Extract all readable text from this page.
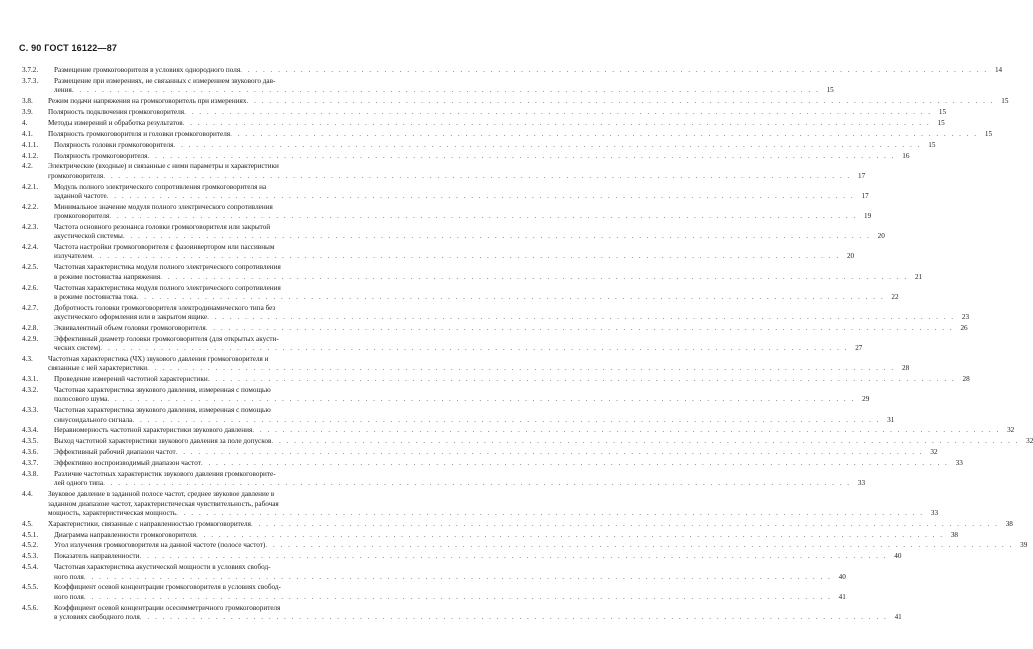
С. 90 ГОСТ 16122—87
3.7.2.	Размещение громкоговорителя в условиях однородного поля . . .	14
3.7.3.	Размещение при измерениях, не связанных с измерением звукового дав-
ления . . .	15
3.8.	Режим подачи напряжения на громкоговоритель при измерениях . . .	15
3.9.	Полярность подключения громкоговорителя . . .	15
4.	Методы измерений и обработка результатов . . .	15
4.1.	Полярность громкоговорителя и головки громкоговорителя . . .	15
4.1.1.	Полярность головки громкоговорителя . . .	15
4.1.2.	Полярность громкоговорителя . . .	16
4.2.	Электрические (входные) и связанные с ними параметры и характеристики
громкоговорителя . . .	17
4.2.1.	Модуль полного электрического сопротивления громкоговорителя на
заданной частоте . . .	17
4.2.2.	Минимальное значение модуля полного электрического сопротивления
громкоговорителя . . .	19
4.2.3.	Частота основного резонанса головки громкоговорителя или закрытой
акустической системы . . .	20
4.2.4.	Частота настройки громкоговорителя с фазоинвертором или пассивным
излучателем . . .	20
4.2.5.	Частотная характеристика модуля полного электрического сопротивления
в режиме постоянства напряжения . . .	21
4.2.6.	Частотная характеристика модуля полного электрического сопротивления
в режиме постоянства тока . . .	22
4.2.7.	Добротность головки громкоговорителя электродинамического типа без
акустического оформления или в закрытом ящике . . .	23
4.2.8.	Эквивалентный объем головки громкоговорителя . . .	26
4.2.9.	Эффективный диаметр головки громкоговорителя (для открытых акусти-
ческих систем) . . .	27
4.3.	Частотная характеристика (ЧХ) звукового давления громкоговорителя и
связанные с ней характеристики . . .	28
4.3.1.	Проведение измерений частотной характеристики . . .	28
4.3.2.	Частотная характеристика звукового давления, измеренная с помощью
полосового шума . . .	29
4.3.3.	Частотная характеристика звукового давления, измеренная с помощью
синусоидального сигнала . . .	31
4.3.4.	Неравномерность частотной характеристики звукового давления . . .	32
4.3.5.	Выход частотной характеристики звукового давления за поле допусков . . .	32
4.3.6.	Эффективный рабочий диапазон частот . . .	32
4.3.7.	Эффективно воспроизводимый диапазон частот . . .	33
4.3.8.	Различие частотных характеристик звукового давления громкоговорите-
лей одного типа . . .	33
4.4.	Звуковое давление в заданной полосе частот, среднее звуковое давление в
заданном диапазоне частот, характеристическая чувствительность, рабочая
мощность, характеристическая мощность . . .	33
4.5.	Характеристики, связанные с направленностью громкоговорителя . . .	38
4.5.1.	Диаграмма направленности громкоговорителя . . .	38
4.5.2.	Угол излучения громкоговорителя на данной частоте (полосе частот) . . .	39
4.5.3.	Показатель направленности . . .	40
4.5.4.	Частотная характеристика акустической мощности в условиях свобод-
ного поля . . .	40
4.5.5.	Коэффициент осевой концентрации громкоговорителя в условиях свобод-
ного поля . . .	41
4.5.6.	Коэффициент осевой концентрации осесимметричного громкоговорителя
в условиях свободного поля . . .	41
